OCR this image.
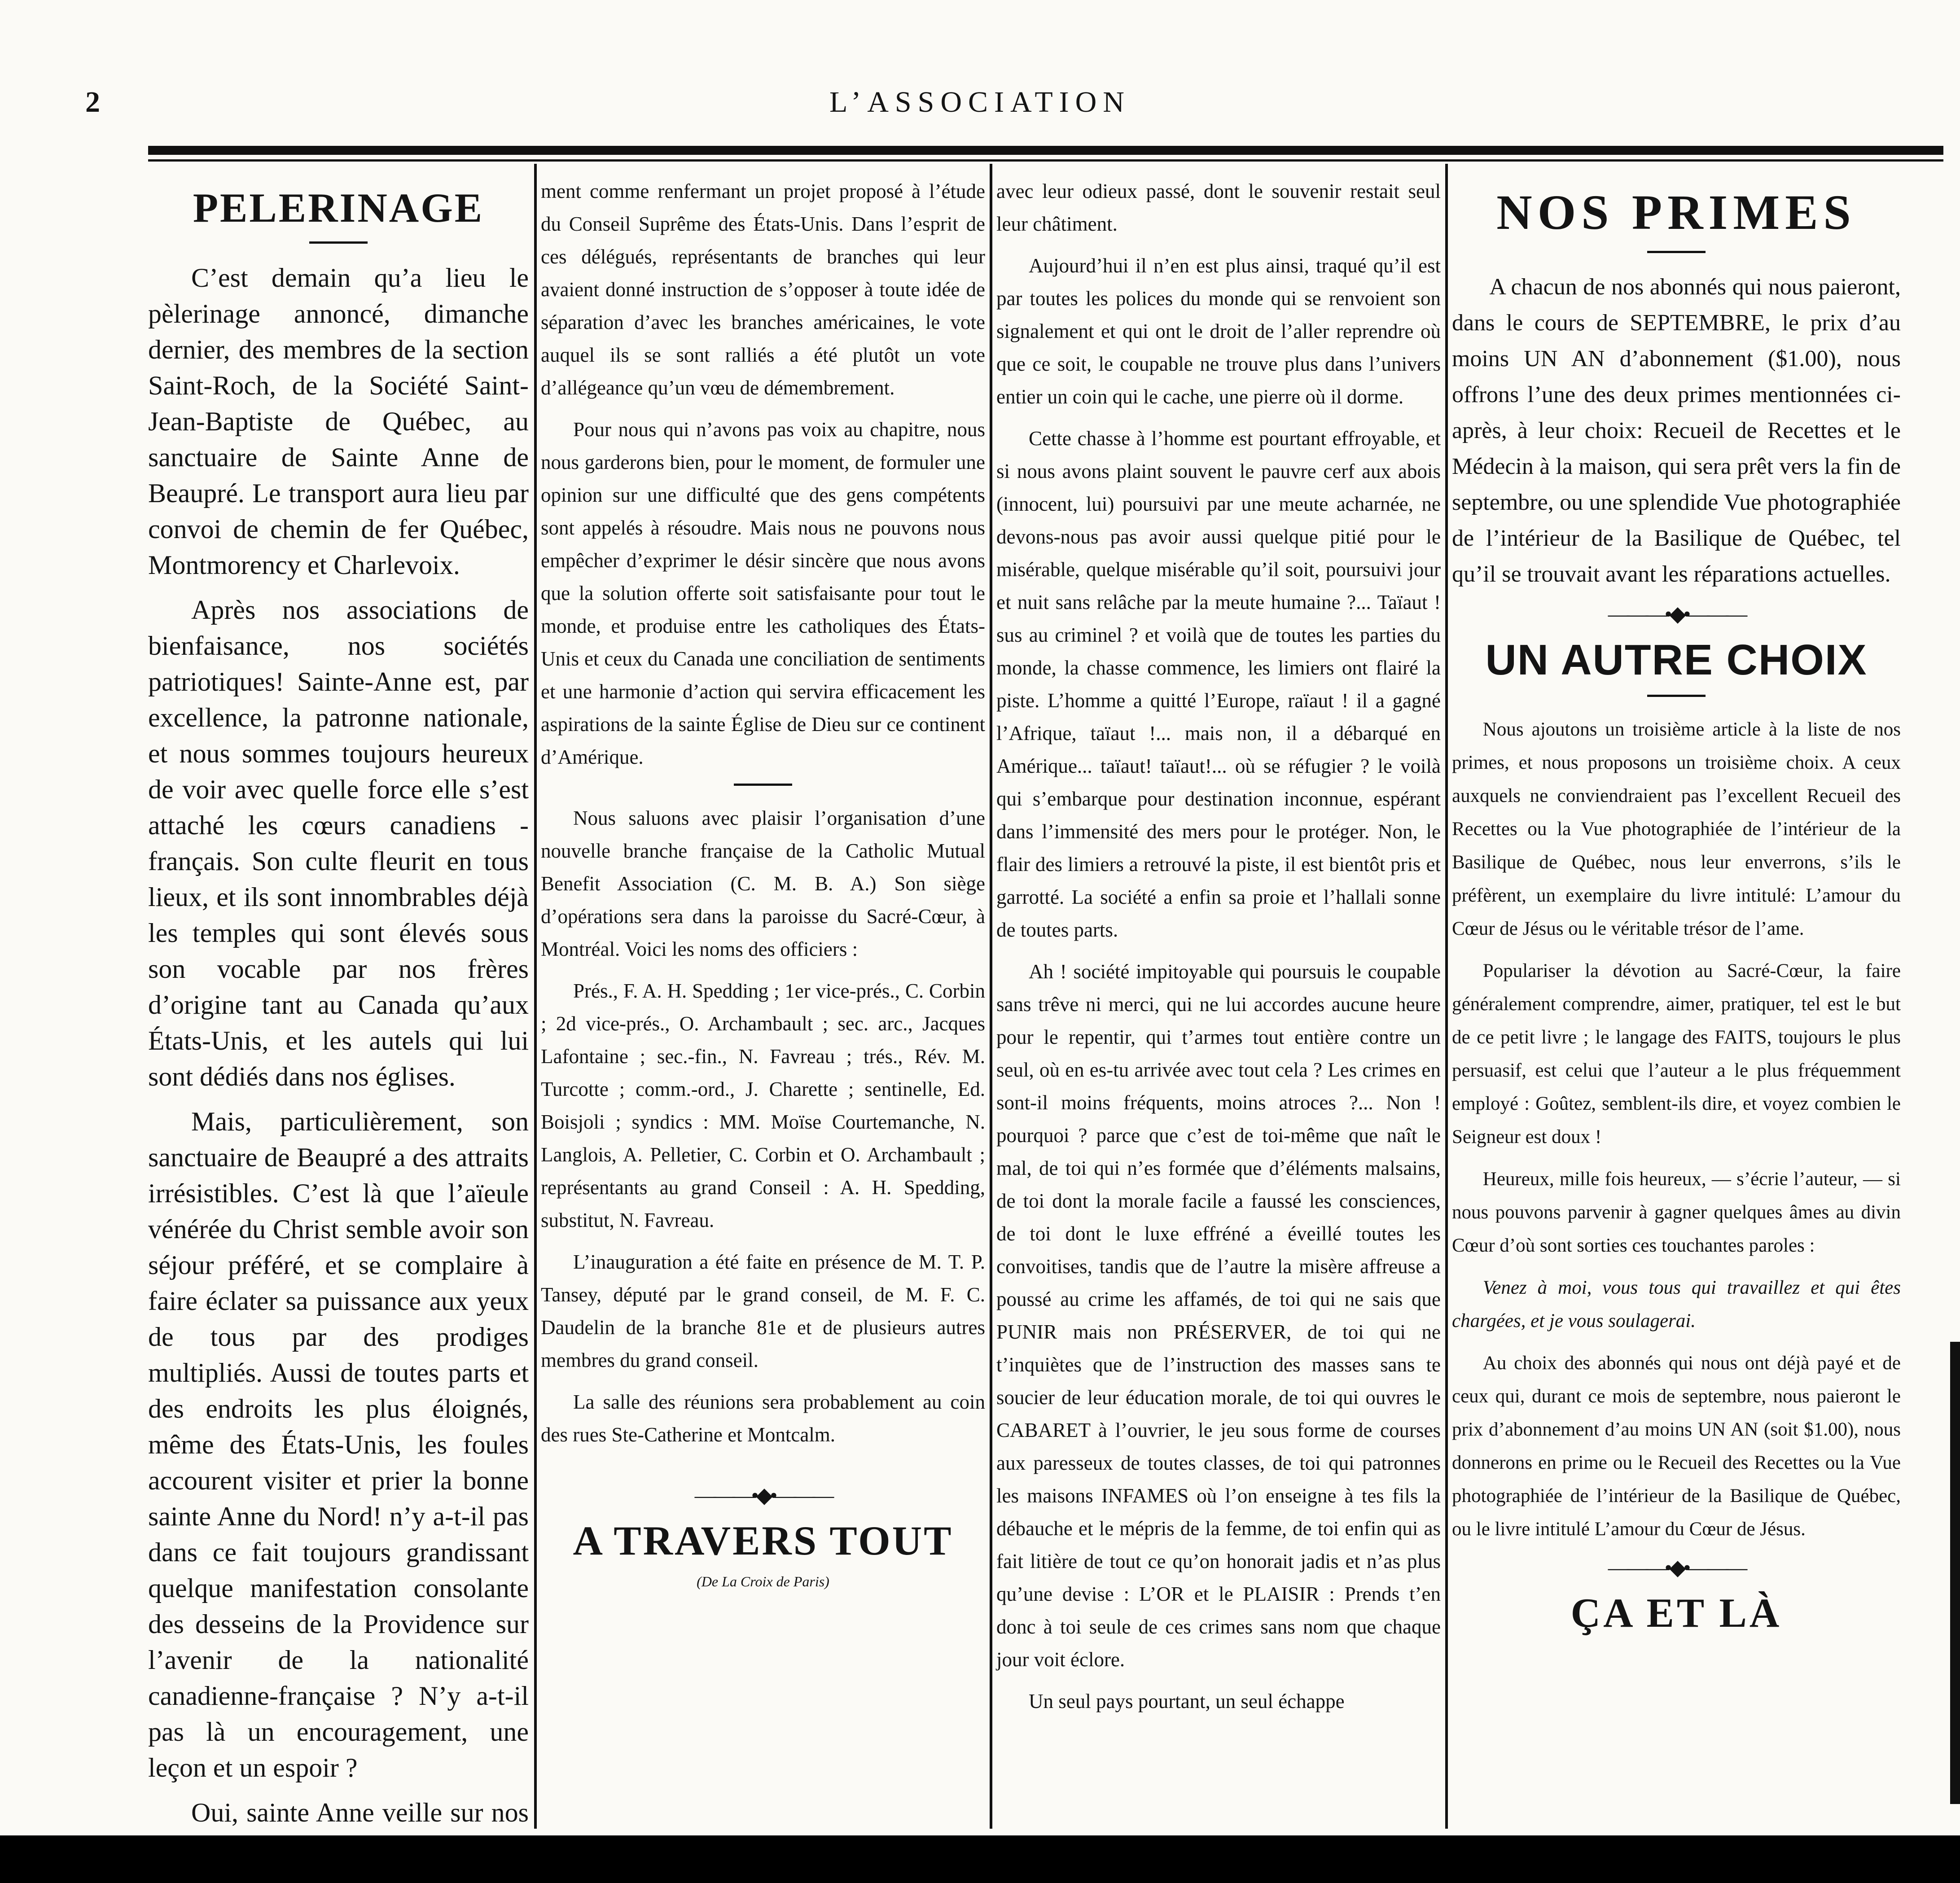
2	L’ASSOCIATION
PELERINAGE

C’est demain qu’a lieu le pèlerinage annoncé, dimanche dernier, des membres de la section Saint-Roch, de la Société Saint-Jean-Baptiste de Québec, au sanctuaire de Sainte Anne de Beaupré. Le transport aura lieu par convoi de chemin de fer Québec, Montmorency et Charlevoix.

Après nos associations de bienfaisance, nos sociétés patriotiques! Sainte-Anne est, par excellence, la patronne nationale, et nous sommes toujours heureux de voir avec quelle force elle s’est attaché les cœurs canadiens - français. Son culte fleurit en tous lieux, et ils sont innombrables déjà les temples qui sont élevés sous son vocable par nos frères d’origine tant au Canada qu’aux États-Unis, et les autels qui lui sont dédiés dans nos églises.

Mais, particulièrement, son sanctuaire de Beaupré a des attraits irrésistibles. C’est là que l’aïeule vénérée du Christ semble avoir son séjour préféré, et se complaire à faire éclater sa puissance aux yeux de tous par des prodiges multipliés. Aussi de toutes parts et des endroits les plus éloignés, même des États-Unis, les foules accourent visiter et prier la bonne sainte Anne du Nord! n’y a-t-il pas dans ce fait toujours grandissant quelque manifestation consolante des desseins de la Providence sur l’avenir de la nationalité canadienne-française ? N’y a-t-il pas là un encouragement, une leçon et un espoir ?

Oui, sainte Anne veille sur nos

ment comme renfermant un projet proposé à l’étude du Conseil Suprême des États-Unis. Dans l’esprit de ces délégués, représentants de branches qui leur avaient donné instruction de s’opposer à toute idée de séparation d’avec les branches américaines, le vote auquel ils se sont ralliés a été plutôt un vote d’allégeance qu’un vœu de démembrement.

Pour nous qui n’avons pas voix au chapitre, nous nous garderons bien, pour le moment, de formuler une opinion sur une difficulté que des gens compétents sont appelés à résoudre. Mais nous ne pouvons nous empêcher d’exprimer le désir sincère que nous avons que la solution offerte soit satisfaisante pour tout le monde, et produise entre les catholiques des États-Unis et ceux du Canada une conciliation de sentiments et une harmonie d’action qui servira efficacement les aspirations de la sainte Église de Dieu sur ce continent d’Amérique.

Nous saluons avec plaisir l’organisation d’une nouvelle branche française de la Catholic Mutual Benefit Association (C. M. B. A.) Son siège d’opérations sera dans la paroisse du Sacré-Cœur, à Montréal. Voici les noms des officiers :

Prés., F. A. H. Spedding ; 1er vice-prés., C. Corbin ; 2d vice-prés., O. Archambault ; sec. arc., Jacques Lafontaine ; sec.-fin., N. Favreau ; trés., Rév. M. Turcotte ; comm.-ord., J. Charette ; sentinelle, Ed. Boisjoli ; syndics : MM. Moïse Courtemanche, N. Langlois, A. Pelletier, C. Corbin et O. Archambault ; représentants au grand Conseil : A. H. Spedding, substitut, N. Favreau.

L’inauguration a été faite en présence de M. T. P. Tansey, député par le grand conseil, de M. F. C. Daudelin de la branche 81e et de plusieurs autres membres du grand conseil.

La salle des réunions sera probablement au coin des rues Ste-Catherine et Montcalm.

———•◆•———
A TRAVERS TOUT
(De La Croix de Paris)

avec leur odieux passé, dont le souvenir restait seul leur châtiment.

Aujourd’hui il n’en est plus ainsi, traqué qu’il est par toutes les polices du monde qui se renvoient son signalement et qui ont le droit de l’aller reprendre où que ce soit, le coupable ne trouve plus dans l’univers entier un coin qui le cache, une pierre où il dorme.

Cette chasse à l’homme est pourtant effroyable, et si nous avons plaint souvent le pauvre cerf aux abois (innocent, lui) poursuivi par une meute acharnée, ne devons-nous pas avoir aussi quelque pitié pour le misérable, quelque misérable qu’il soit, poursuivi jour et nuit sans relâche par la meute humaine ?... Taïaut ! sus au criminel ? et voilà que de toutes les parties du monde, la chasse commence, les limiers ont flairé la piste. L’homme a quitté l’Europe, raïaut ! il a gagné l’Afrique, taïaut !... mais non, il a débarqué en Amérique... taïaut! taïaut!... où se réfugier ? le voilà qui s’embarque pour destination inconnue, espérant dans l’immensité des mers pour le protéger. Non, le flair des limiers a retrouvé la piste, il est bientôt pris et garrotté. La société a enfin sa proie et l’hallali sonne de toutes parts.

Ah ! société impitoyable qui poursuis le coupable sans trêve ni merci, qui ne lui accordes aucune heure pour le repentir, qui t’armes tout entière contre un seul, où en es-tu arrivée avec tout cela ? Les crimes en sont-il moins fréquents, moins atroces ?... Non ! pourquoi ? parce que c’est de toi-même que naît le mal, de toi qui n’es formée que d’éléments malsains, de toi dont la morale facile a faussé les consciences, de toi dont le luxe effréné a éveillé toutes les convoitises, tandis que de l’autre la misère affreuse a poussé au crime les affamés, de toi qui ne sais que PUNIR mais non PRÉSERVER, de toi qui ne t’inquiètes que de l’instruction des masses sans te soucier de leur éducation morale, de toi qui ouvres le CABARET à l’ouvrier, le jeu sous forme de courses aux paresseux de toutes classes, de toi qui patronnes les maisons INFAMES où l’on enseigne à tes fils la débauche et le mépris de la femme, de toi enfin qui as fait litière de tout ce qu’on honorait jadis et n’as plus qu’une devise : L’OR et le PLAISIR : Prends t’en donc à toi seule de ces crimes sans nom que chaque jour voit éclore.

Un seul pays pourtant, un seul échappe

NOS PRIMES

A chacun de nos abonnés qui nous paieront, dans le cours de SEPTEMBRE, le prix d’au moins UN AN d’abonnement ($1.00), nous offrons l’une des deux primes mentionnées ci-après, à leur choix: Recueil de Recettes et le Médecin à la maison, qui sera prêt vers la fin de septembre, ou une splendide Vue photographiée de l’intérieur de la Basilique de Québec, tel qu’il se trouvait avant les réparations actuelles.

———•◆•———
UN AUTRE CHOIX

Nous ajoutons un troisième article à la liste de nos primes, et nous proposons un troisième choix. A ceux auxquels ne conviendraient pas l’excellent Recueil des Recettes ou la Vue photographiée de l’intérieur de la Basilique de Québec, nous leur enverrons, s’ils le préfèrent, un exemplaire du livre intitulé: L’amour du Cœur de Jésus ou le véritable trésor de l’ame.

Populariser la dévotion au Sacré-Cœur, la faire généralement comprendre, aimer, pratiquer, tel est le but de ce petit livre ; le langage des FAITS, toujours le plus persuasif, est celui que l’auteur a le plus fréquemment employé : Goûtez, semblent-ils dire, et voyez combien le Seigneur est doux !

Heureux, mille fois heureux, — s’écrie l’auteur, — si nous pouvons parvenir à gagner quelques âmes au divin Cœur d’où sont sorties ces touchantes paroles :

Venez à moi, vous tous qui travaillez et qui êtes chargées, et je vous soulagerai.

Au choix des abonnés qui nous ont déjà payé et de ceux qui, durant ce mois de septembre, nous paieront le prix d’abonnement d’au moins UN AN (soit $1.00), nous donnerons en prime ou le Recueil des Recettes ou la Vue photographiée de l’intérieur de la Basilique de Québec, ou le livre intitulé L’amour du Cœur de Jésus.

———•◆•———
ÇA ET LÀ
